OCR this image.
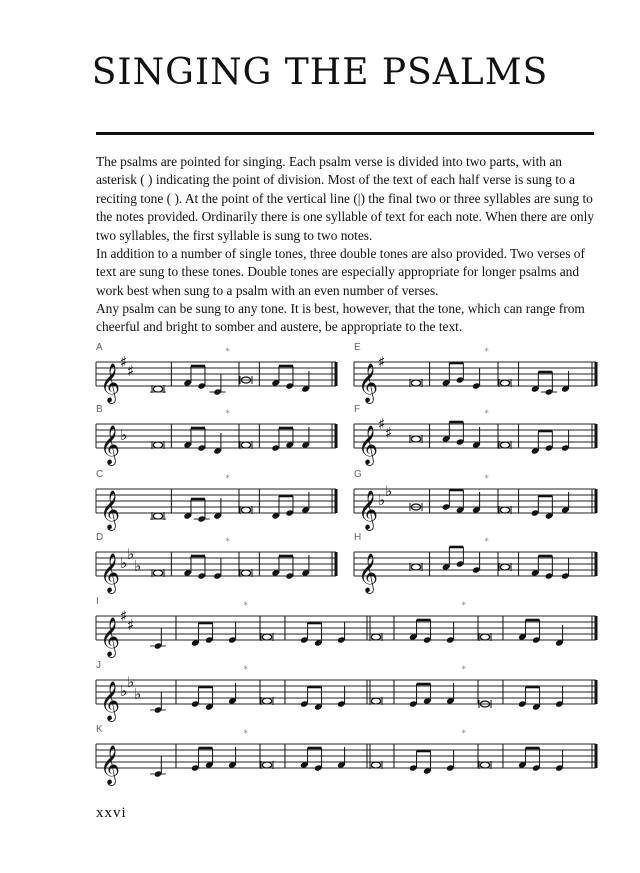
SINGING THE PSALMS

The psalms are pointed for singing. Each psalm verse is divided into two parts, with an asterisk ( ) indicating the point of division. Most of the text of each half verse is sung to a reciting tone ( ). At the point of the vertical line (|) the final two or three syllables are sung to the notes provided. Ordinarily there is one syllable of text for each note. When there are only two syllables, the first syllable is sung to two notes.

In addition to a number of single tones, three double tones are also provided. Two verses of text are sung to these tones. Double tones are especially appropriate for longer psalms and work best when sung to a psalm with an even number of verses.

Any psalm can be sung to any tone. It is best, however, that the tone, which can range from cheerful and bright to somber and austere, be appropriate to the text.

A
𝄞
♯ ♯
*
B
𝄞 ♭
*
C
𝄞
*
D
𝄞 ♭ ♭
♭
*
E
𝄞
♯
*
F
𝄞
♯ ♯
*
G
𝄞 ♭ ♭
*
H
𝄞
*
I
𝄞
♯ ♯
*	*
J
𝄞 ♭ ♭
♭
*	*
K
𝄞
*	*
xxvi
